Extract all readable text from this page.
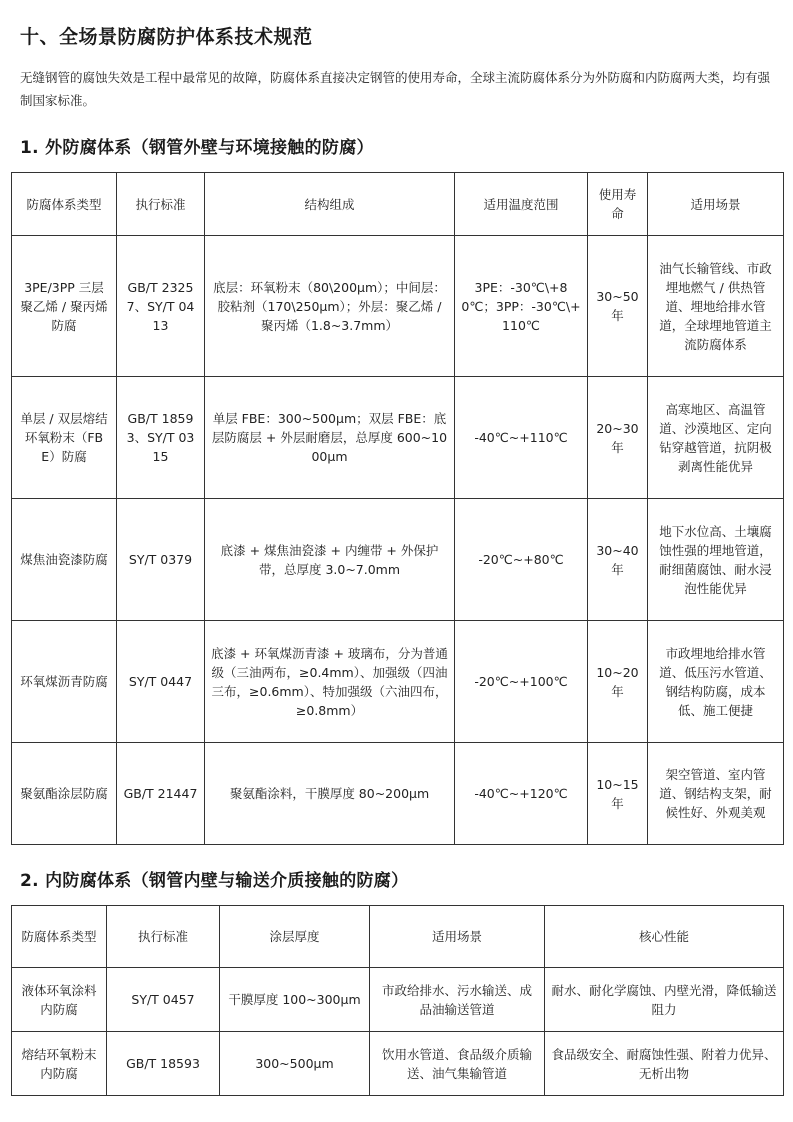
十、全场景防腐防护体系技术规范

无缝钢管的腐蚀失效是工程中最常见的故障，防腐体系直接决定钢管的使用寿命，全球主流防腐体系分为外防腐和内防腐两大类，均有强制国家标准。

1. 外防腐体系（钢管外壁与环境接触的防腐）
防腐体系类型	执行标准	结构组成	适用温度范围	使用寿命	适用场景
3PE/3PP 三层聚乙烯 / 聚丙烯防腐	GB/T 23257、SY/T 0413	底层：环氧粉末（80\200μm）；中间层：胶粘剂（170\250μm）；外层：聚乙烯 / 聚丙烯（1.8~3.7mm）	3PE：-30℃\+80℃；3PP：-30℃\+110℃	30~50年	油气长输管线、市政埋地燃气 / 供热管道、埋地给排水管道，全球埋地管道主流防腐体系
单层 / 双层熔结环氧粉末（FBE）防腐	GB/T 18593、SY/T 0315	单层 FBE：300~500μm；双层 FBE：底层防腐层 + 外层耐磨层，总厚度 600~1000μm	-40℃~+110℃	20~30年	高寒地区、高温管道、沙漠地区、定向钻穿越管道，抗阴极剥离性能优异
煤焦油瓷漆防腐	SY/T 0379	底漆 + 煤焦油瓷漆 + 内缠带 + 外保护带，总厚度 3.0~7.0mm	-20℃~+80℃	30~40年	地下水位高、土壤腐蚀性强的埋地管道，耐细菌腐蚀、耐水浸泡性能优异
环氧煤沥青防腐	SY/T 0447	底漆 + 环氧煤沥青漆 + 玻璃布，分为普通级（三油两布，≥0.4mm）、加强级（四油三布，≥0.6mm）、特加强级（六油四布，≥0.8mm）	-20℃~+100℃	10~20年	市政埋地给排水管道、低压污水管道、钢结构防腐，成本低、施工便捷
聚氨酯涂层防腐	GB/T 21447	聚氨酯涂料，干膜厚度 80~200μm	-40℃~+120℃	10~15年	架空管道、室内管道、钢结构支架，耐候性好、外观美观
2. 内防腐体系（钢管内壁与输送介质接触的防腐）
防腐体系类型	执行标准	涂层厚度	适用场景	核心性能
液体环氧涂料内防腐	SY/T 0457	干膜厚度 100~300μm	市政给排水、污水输送、成品油输送管道	耐水、耐化学腐蚀、内壁光滑，降低输送阻力
熔结环氧粉末内防腐	GB/T 18593	300~500μm	饮用水管道、食品级介质输送、油气集输管道	食品级安全、耐腐蚀性强、附着力优异、无析出物
